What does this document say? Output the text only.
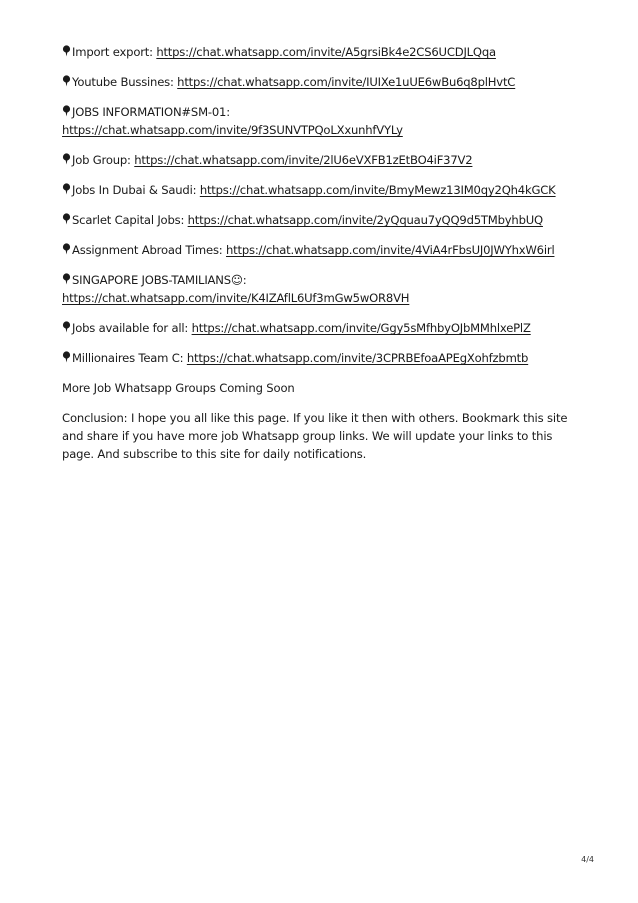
Import export: https://chat.whatsapp.com/invite/A5grsiBk4e2CS6UCDJLQqa

Youtube Bussines: https://chat.whatsapp.com/invite/IUIXe1uUE6wBu6q8plHvtC

JOBS INFORMATION#SM-01:
https://chat.whatsapp.com/invite/9f3SUNVTPQoLXxunhfVYLy

Job Group: https://chat.whatsapp.com/invite/2lU6eVXFB1zEtBO4iF37V2

Jobs In Dubai & Saudi: https://chat.whatsapp.com/invite/BmyMewz13IM0qy2Qh4kGCK

Scarlet Capital Jobs: https://chat.whatsapp.com/invite/2yQquau7yQQ9d5TMbyhbUQ

Assignment Abroad Times: https://chat.whatsapp.com/invite/4ViA4rFbsUJ0JWYhxW6irl

SINGAPORE JOBS-TAMILIANS☺:
https://chat.whatsapp.com/invite/K4IZAflL6Uf3mGw5wOR8VH

Jobs available for all: https://chat.whatsapp.com/invite/Ggy5sMfhbyOJbMMhlxePlZ

Millionaires Team C: https://chat.whatsapp.com/invite/3CPRBEfoaAPEgXohfzbmtb

More Job Whatsapp Groups Coming Soon

Conclusion: I hope you all like this page. If you like it then with others. Bookmark this site and share if you have more job Whatsapp group links. We will update your links to this page. And subscribe to this site for daily notifications.

4/4
